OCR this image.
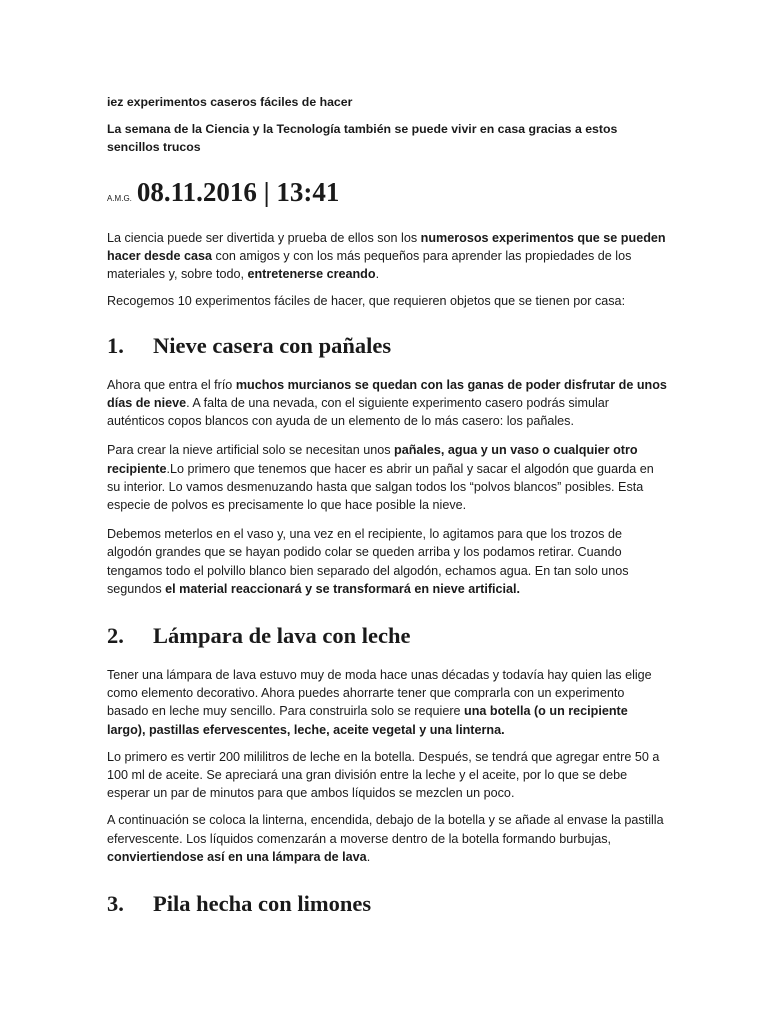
iez experimentos caseros fáciles de hacer

La semana de la Ciencia y la Tecnología también se puede vivir en casa gracias a estos sencillos trucos

A.M.G. 08.11.2016 | 13:41

La ciencia puede ser divertida y prueba de ellos son los numerosos experimentos que se pueden hacer desde casa con amigos y con los más pequeños para aprender las propiedades de los materiales y, sobre todo, entretenerse creando.

Recogemos 10 experimentos fáciles de hacer, que requieren objetos que se tienen por casa:

1.	Nieve casera con pañales

Ahora que entra el frío muchos murcianos se quedan con las ganas de poder disfrutar de unos días de nieve. A falta de una nevada, con el siguiente experimento casero podrás simular auténticos copos blancos con ayuda de un elemento de lo más casero: los pañales.

Para crear la nieve artificial solo se necesitan unos pañales, agua y un vaso o cualquier otro recipiente.Lo primero que tenemos que hacer es abrir un pañal y sacar el algodón que guarda en su interior. Lo vamos desmenuzando hasta que salgan todos los “polvos blancos” posibles. Esta especie de polvos es precisamente lo que hace posible la nieve.

Debemos meterlos en el vaso y, una vez en el recipiente, lo agitamos para que los trozos de algodón grandes que se hayan podido colar se queden arriba y los podamos retirar. Cuando tengamos todo el polvillo blanco bien separado del algodón, echamos agua. En tan solo unos segundos el material reaccionará y se transformará en nieve artificial.

2.	Lámpara de lava con leche

Tener una lámpara de lava estuvo muy de moda hace unas décadas y todavía hay quien las elige como elemento decorativo. Ahora puedes ahorrarte tener que comprarla con un experimento basado en leche muy sencillo. Para construirla solo se requiere una botella (o un recipiente largo), pastillas efervescentes, leche, aceite vegetal y una linterna.

Lo primero es vertir 200 mililitros de leche en la botella. Después, se tendrá que agregar entre 50 a 100 ml de aceite. Se apreciará una gran división entre la leche y el aceite, por lo que se debe esperar un par de minutos para que ambos líquidos se mezclen un poco.

A continuación se coloca la linterna, encendida, debajo de la botella y se añade al envase la pastilla efervescente. Los líquidos comenzarán a moverse dentro de la botella formando burbujas, conviertiendose así en una lámpara de lava.

3.	Pila hecha con limones
